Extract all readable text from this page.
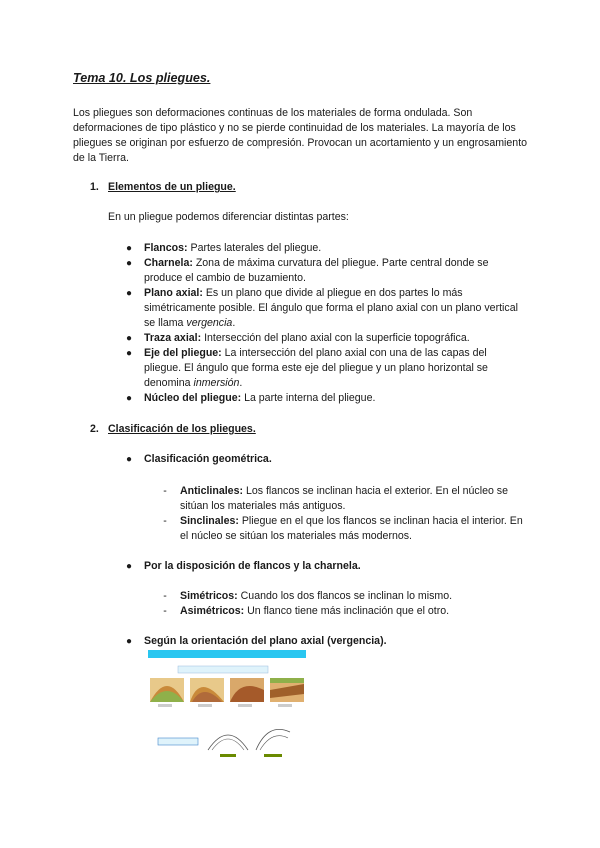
Tema 10. Los pliegues.
Los pliegues son deformaciones continuas de los materiales de forma ondulada. Son deformaciones de tipo plástico y no se pierde continuidad de los materiales. La mayoría de los pliegues se originan por esfuerzo de compresión. Provocan un acortamiento y un engrosamiento de la Tierra.
1. Elementos de un pliegue.
En un pliegue podemos diferenciar distintas partes:
● Flancos: Partes laterales del pliegue.
● Charnela: Zona de máxima curvatura del pliegue. Parte central donde se produce el cambio de buzamiento.
● Plano axial: Es un plano que divide al pliegue en dos partes lo más simétricamente posible. El ángulo que forma el plano axial con un plano vertical se llama vergencia.
● Traza axial: Intersección del plano axial con la superficie topográfica.
● Eje del pliegue: La intersección del plano axial con una de las capas del pliegue. El ángulo que forma este eje del pliegue y un plano horizontal se denomina inmersión.
● Núcleo del pliegue: La parte interna del pliegue.
2. Clasificación de los pliegues.
● Clasificación geométrica.
-	Anticlinales: Los flancos se inclinan hacia el exterior. En el núcleo se sitúan los materiales más antiguos.
-	Sinclinales: Pliegue en el que los flancos se inclinan hacia el interior. En el núcleo se sitúan los materiales más modernos.
● Por la disposición de flancos y la charnela.
-	Simétricos: Cuando los dos flancos se inclinan lo mismo.
-	Asimétricos: Un flanco tiene más inclinación que el otro.
● Según la orientación del plano axial (vergencia).
